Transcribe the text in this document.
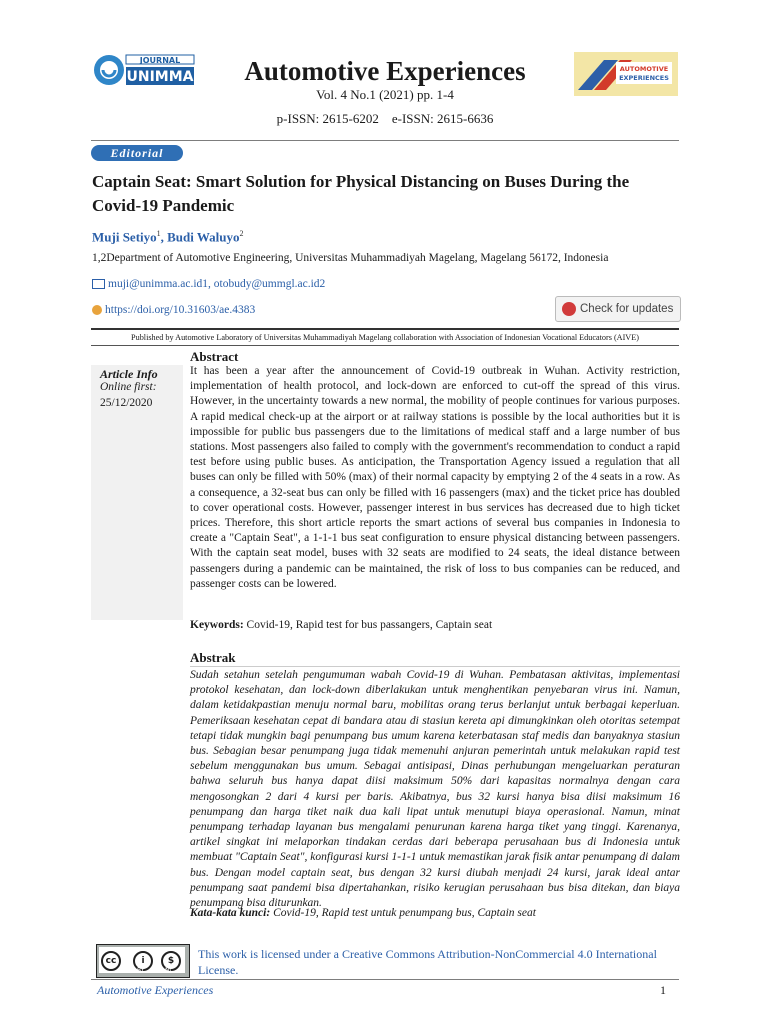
JOURNAL
UNIMMA	Automotive Experiences
Vol. 4 No.1 (2021) pp. 1-4
p-ISSN: 2615-6202    e-ISSN: 2615-6636
AUTOMOTIVE
EXPERIENCES
Editorial
Captain Seat: Smart Solution for Physical Distancing on Buses During the Covid-19 Pandemic
Muji Setiyo$^1$, Budi Waluyo$^2$
1,2Department of Automotive Engineering, Universitas Muhammadiyah Magelang, Magelang 56172, Indonesia
muji@unimma.ac.id1, otobudy@ummgl.ac.id2
https://doi.org/10.31603/ae.4383	Check for updates
Published by Automotive Laboratory of Universitas Muhammadiyah Magelang collaboration with Association of Indonesian Vocational Educators (AIVE)
Abstract
Article Info
Online first:
25/12/2020
It has been a year after the announcement of Covid-19 outbreak in Wuhan. Activity restriction, implementation of health protocol, and lock-down are enforced to cut-off the spread of this virus. However, in the uncertainty towards a new normal, the mobility of people continues for various purposes. A rapid medical check-up at the airport or at railway stations is possible by the local authorities but it is impossible for public bus passengers due to the limitations of medical staff and a large number of bus stations. Most passengers also failed to comply with the government's recommendation to conduct a rapid test before using public buses. As anticipation, the Transportation Agency issued a regulation that all buses can only be filled with 50% (max) of their normal capacity by emptying 2 of the 4 seats in a row. As a consequence, a 32-seat bus can only be filled with 16 passengers (max) and the ticket price has doubled to cover operational costs. However, passenger interest in bus services has decreased due to high ticket prices. Therefore, this short article reports the smart actions of several bus companies in Indonesia to create a "Captain Seat", a 1-1-1 bus seat configuration to ensure physical distancing between passengers. With the captain seat model, buses with 32 seats are modified to 24 seats, the ideal distance between passengers during a pandemic can be maintained, the risk of loss to bus companies can be reduced, and passenger costs can be lowered.
Keywords: Covid-19, Rapid test for bus passangers, Captain seat
Abstrak
Sudah setahun setelah pengumuman wabah Covid-19 di Wuhan. Pembatasan aktivitas, implementasi protokol kesehatan, dan lock-down diberlakukan untuk menghentikan penyebaran virus ini. Namun, dalam ketidakpastian menuju normal baru, mobilitas orang terus berlanjut untuk berbagai keperluan. Pemeriksaan kesehatan cepat di bandara atau di stasiun kereta api dimungkinkan oleh otoritas setempat tetapi tidak mungkin bagi penumpang bus umum karena keterbatasan staf medis dan banyaknya stasiun bus. Sebagian besar penumpang juga tidak memenuhi anjuran pemerintah untuk melakukan rapid test sebelum menggunakan bus umum. Sebagai antisipasi, Dinas perhubungan mengeluarkan peraturan bahwa seluruh bus hanya dapat diisi maksimum 50% dari kapasitas normalnya dengan cara mengosongkan 2 dari 4 kursi per baris. Akibatnya, bus 32 kursi hanya bisa diisi maksimum 16 penumpang dan harga tiket naik dua kali lipat untuk menutupi biaya operasional. Namun, minat penumpang terhadap layanan bus mengalami penurunan karena harga tiket yang tinggi. Karenanya, artikel singkat ini melaporkan tindakan cerdas dari beberapa perusahaan bus di Indonesia untuk membuat "Captain Seat", konfigurasi kursi 1-1-1 untuk memastikan jarak fisik antar penumpang di dalam bus. Dengan model captain seat, bus dengan 32 kursi diubah menjadi 24 kursi, jarak ideal antar penumpang saat pandemi bisa dipertahankan, risiko kerugian perusahaan bus bisa ditekan, dan biaya penumpang bisa diturunkan.
Kata-kata kunci: Covid-19, Rapid test untuk penumpang bus, Captain seat
cc	i	$
BY	NC
This work is licensed under a Creative Commons Attribution-NonCommercial 4.0 International License.
Automotive Experiences	1
